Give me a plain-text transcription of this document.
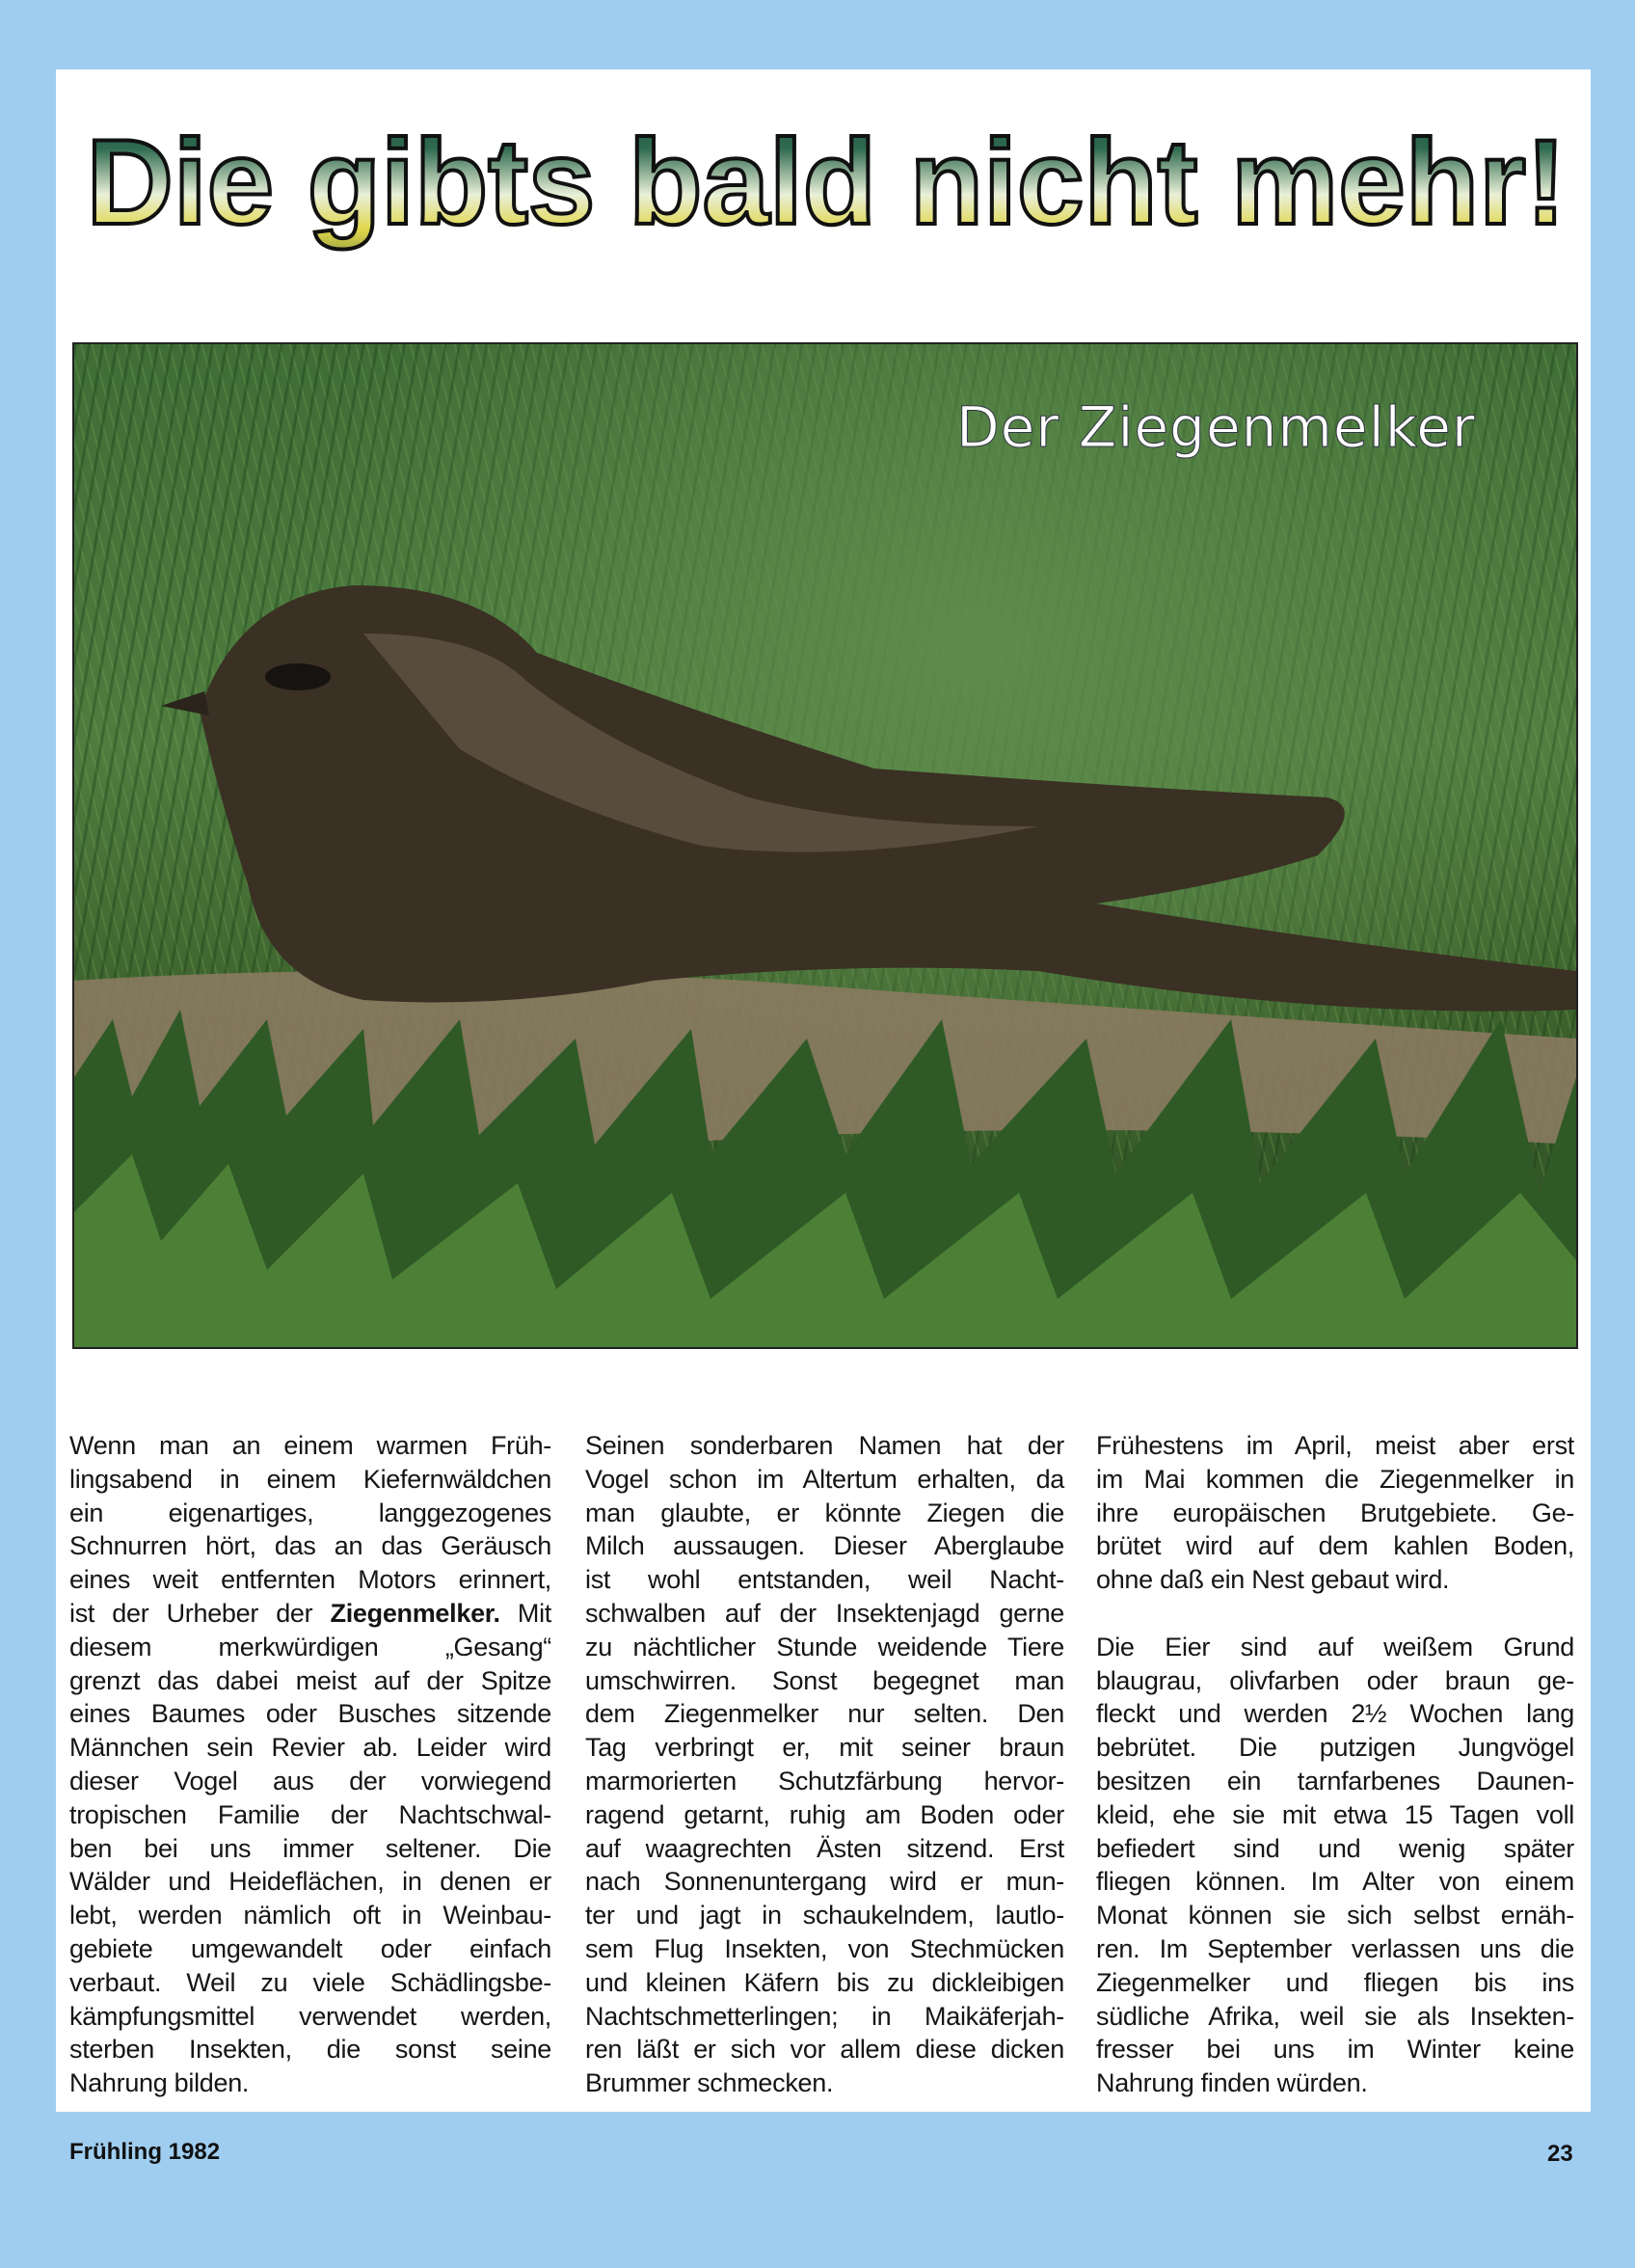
Die gibts bald nicht mehr!
Der Ziegenmelker
Wenn man an einem warmen Früh-
lingsabend in einem Kiefernwäldchen
ein eigenartiges, langgezogenes
Schnurren hört, das an das Geräusch
eines weit entfernten Motors erinnert,
ist der Urheber der Ziegenmelker. Mit
diesem merkwürdigen „Gesang“
grenzt das dabei meist auf der Spitze
eines Baumes oder Busches sitzende
Männchen sein Revier ab. Leider wird
dieser Vogel aus der vorwiegend
tropischen Familie der Nachtschwal-
ben bei uns immer seltener. Die
Wälder und Heideflächen, in denen er
lebt, werden nämlich oft in Weinbau-
gebiete umgewandelt oder einfach
verbaut. Weil zu viele Schädlingsbe-
kämpfungsmittel verwendet werden,
sterben Insekten, die sonst seine
Nahrung bilden.
Seinen sonderbaren Namen hat der
Vogel schon im Altertum erhalten, da
man glaubte, er könnte Ziegen die
Milch aussaugen. Dieser Aberglaube
ist wohl entstanden, weil Nacht-
schwalben auf der Insektenjagd gerne
zu nächtlicher Stunde weidende Tiere
umschwirren. Sonst begegnet man
dem Ziegenmelker nur selten. Den
Tag verbringt er, mit seiner braun
marmorierten Schutzfärbung hervor-
ragend getarnt, ruhig am Boden oder
auf waagrechten Ästen sitzend. Erst
nach Sonnenuntergang wird er mun-
ter und jagt in schaukelndem, lautlo-
sem Flug Insekten, von Stechmücken
und kleinen Käfern bis zu dickleibigen
Nachtschmetterlingen; in Maikäferjah-
ren läßt er sich vor allem diese dicken
Brummer schmecken.
Frühestens im April, meist aber erst
im Mai kommen die Ziegenmelker in
ihre europäischen Brutgebiete. Ge-
brütet wird auf dem kahlen Boden,
ohne daß ein Nest gebaut wird.
Die Eier sind auf weißem Grund
blaugrau, olivfarben oder braun ge-
fleckt und werden 2½ Wochen lang
bebrütet. Die putzigen Jungvögel
besitzen ein tarnfarbenes Daunen-
kleid, ehe sie mit etwa 15 Tagen voll
befiedert sind und wenig später
fliegen können. Im Alter von einem
Monat können sie sich selbst ernäh-
ren. Im September verlassen uns die
Ziegenmelker und fliegen bis ins
südliche Afrika, weil sie als Insekten-
fresser bei uns im Winter keine
Nahrung finden würden.
Frühling 1982	23
